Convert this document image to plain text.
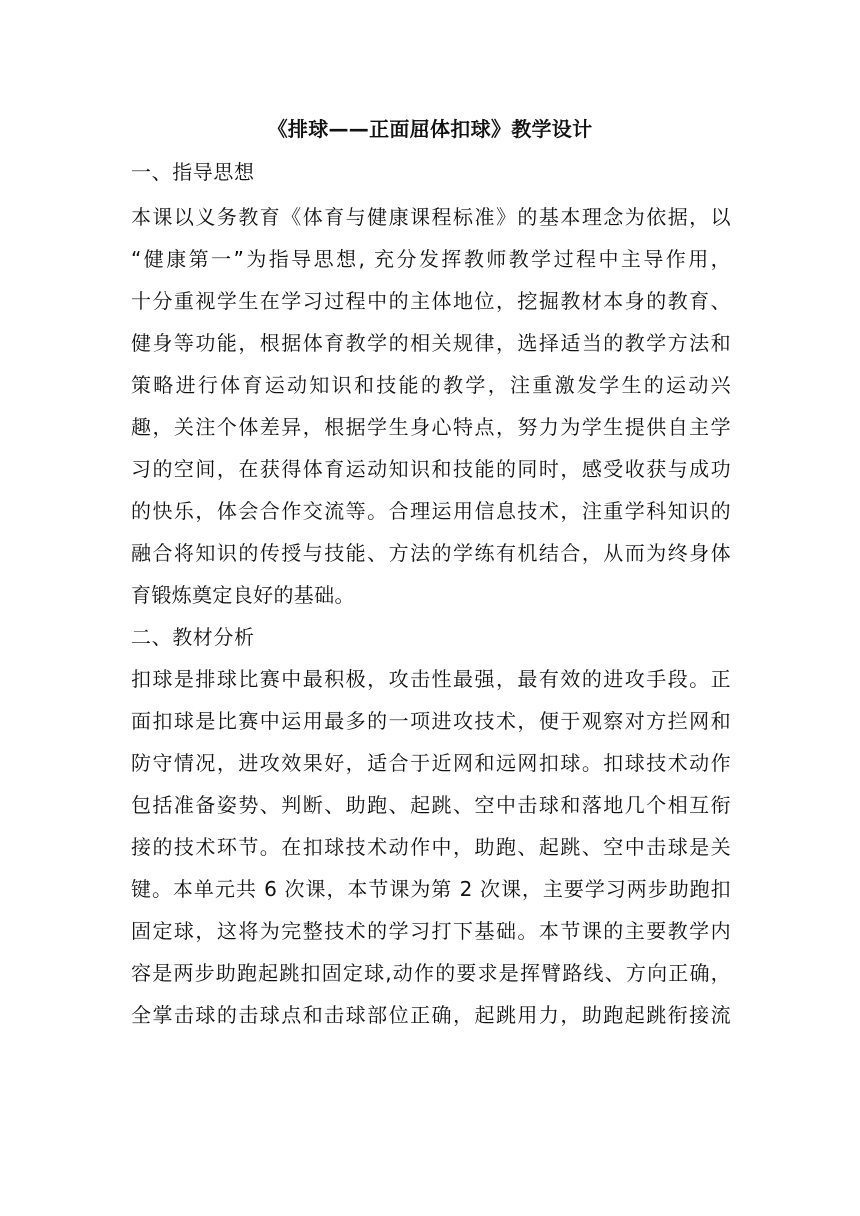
《排球——正面屈体扣球》教学设计
一、指导思想
本课以义务教育《体育与健康课程标准》的基本理念为依据，以
“健康第一”为指导思想, 充分发挥教师教学过程中主导作用，
十分重视学生在学习过程中的主体地位，挖掘教材本身的教育、
健身等功能，根据体育教学的相关规律，选择适当的教学方法和
策略进行体育运动知识和技能的教学，注重激发学生的运动兴
趣，关注个体差异，根据学生身心特点，努力为学生提供自主学
习的空间，在获得体育运动知识和技能的同时，感受收获与成功
的快乐，体会合作交流等。合理运用信息技术，注重学科知识的
融合将知识的传授与技能、方法的学练有机结合，从而为终身体
育锻炼奠定良好的基础。
二、教材分析
扣球是排球比赛中最积极，攻击性最强，最有效的进攻手段。正
面扣球是比赛中运用最多的一项进攻技术，便于观察对方拦网和
防守情况，进攻效果好，适合于近网和远网扣球。扣球技术动作
包括准备姿势、判断、助跑、起跳、空中击球和落地几个相互衔
接的技术环节。在扣球技术动作中，助跑、起跳、空中击球是关
键。本单元共 6 次课，本节课为第 2 次课，主要学习两步助跑扣
固定球，这将为完整技术的学习打下基础。本节课的主要教学内
容是两步助跑起跳扣固定球,动作的要求是挥臂路线、方向正确，
全掌击球的击球点和击球部位正确，起跳用力，助跑起跳衔接流
